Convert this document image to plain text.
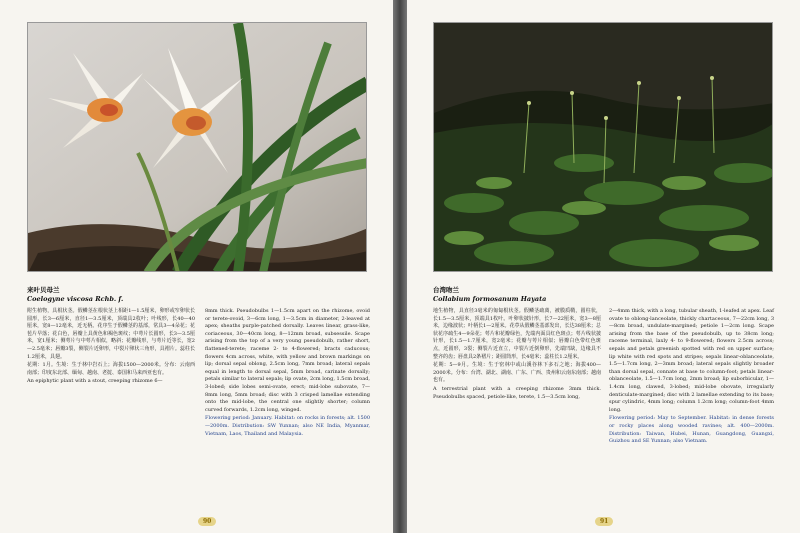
来叶贝母兰
Coelogyne viscosa Rchb. f.

附生植物，具根状茎。假鳞茎在根状茎上相距1—1.5厘米，卵形或窄卵状长圆形，长3—6厘米，直径1—3.5厘米，顶端具2枚叶；叶线形，长40—40厘米，宽8—12毫米，近无柄。花序生于假鳞茎的基部，常具3—4朵花；花苞片早落；花白色，唇瓣上具黄色和褐色斑纹；中萼片长圆形，长3—3.5厘米，宽1厘米；侧萼片与中萼片相似，略斜；花瓣线形，与萼片近等长，宽2—2.5毫米；唇瓣3裂，侧裂片近卵形，中裂片卵状三角形，具褶片。蕊柱长1.2厘米，具翅。

花期：1月。生境：生于林中岩石上；海拔1500—2000米。分布：云南西南部；印度东北部、缅甸、越南、老挝、泰国和马来西亚也有。

An epiphytic plant with a stout, creeping rhizome 6—

8mm thick. Pseudobulbs 1—1.5cm apart on the rhizome, ovoid or terete-ovoid, 3—6cm long, 1—3.5cm in diameter, 2-leaved at apex; sheaths purple-patched dorsally. Leaves linear, grass-like, coriaceous, 30—40cm long, 8—12mm broad, subsessile. Scape arising from the top of a very young pseudobulb, rather short, flattened-terete; raceme 2- to 4-flowered; bracts caducous; flowers 4cm across, white, with yellow and brown markings on lip; dorsal sepal oblong, 2.5cm long, 7mm broad; lateral sepals equal in length to dorsal sepal, 5mm broad, carinate dorsally; petals similar to lateral sepals; lip ovate, 2cm long, 1.5cm broad, 3-lobed; side lobes semi-ovate, erect; mid-lobe subovate, 7—8mm long, 5mm broad; disc with 3 crisped lamellae extending onto the mid-lobe, the central one slightly shorter; column curved forwards, 1.2cm long, winged.

Flowering period: January. Habitat: on rocks in forests; alt. 1500—2000m. Distribution: SW Yunnan; also NE India, Myanmar, Vietnam, Laos, Thailand and Malaysia.

90
台湾吻兰
Collabium formosanum Hayata

地生植物，具直径3毫米的匍匐根状茎。假鳞茎疏离，被膜质鞘，圆柱状，长1.5—3.5厘米，顶端具1枚叶。叶卵状披针形，长7—22厘米，宽3—8厘米，边缘波状；叶柄长1—2厘米。花葶从假鳞茎基部发出，长达38厘米；总状花序疏生4—9朵花；萼片和花瓣绿色，先端内面具红色斑点；萼片线状披针形，长1.5—1.7厘米，宽2毫米；花瓣与萼片相似；唇瓣白色带红色斑点，近圆形，3裂；侧裂片近直立，中裂片近倒卵形，先端凹缺，边缘具不整齐的齿；唇盘具2条褶片；距圆筒形，长4毫米；蕊柱长1.2厘米。

花期：5—9月。生境：生于密林中或山溪谷林下多石之地；海拔400—2000米。分布：台湾、湖北、湖南、广东、广西、贵州和云南东南部；越南也有。

A terrestrial plant with a creeping rhizome 3mm thick. Pseudobulbs spaced, petiole-like, terete, 1.5—3.5cm long,

2—4mm thick, with a long, tubular sheath, 1-leafed at apex. Leaf ovate to oblong-lanceolate, thickly chartaceous, 7—22cm long, 3—8cm broad, undulate-margined; petiole 1—2cm long. Scape arising from the base of the pseudobulb, up to 38cm long; raceme terminal, laxly 4- to 9-flowered; flowers 2.5cm across; sepals and petals greenish spotted with red on upper surface; lip white with red spots and stripes; sepals linear-oblanceolate, 1.5—1.7cm long, 2—3mm broad; lateral sepals slightly broader than dorsal sepal, connate at base to column-foot; petals linear-oblanceolate, 1.5—1.7cm long, 2mm broad; lip suborbicular, 1—1.4cm long, clawed, 3-lobed; mid-lobe obovate, irregularly denticulate-margined; disc with 2 lamellae extending to its base; spur cylindric, 4mm long; column 1.2cm long; column-foot 4mm long.

Flowering period: May to September. Habitat: in dense forests or rocky places along wooded ravines; alt. 400—2000m. Distribution: Taiwan, Hubei, Hunan, Guangdong, Guangxi, Guizhou and SE Yunnan; also Vietnam.

91
